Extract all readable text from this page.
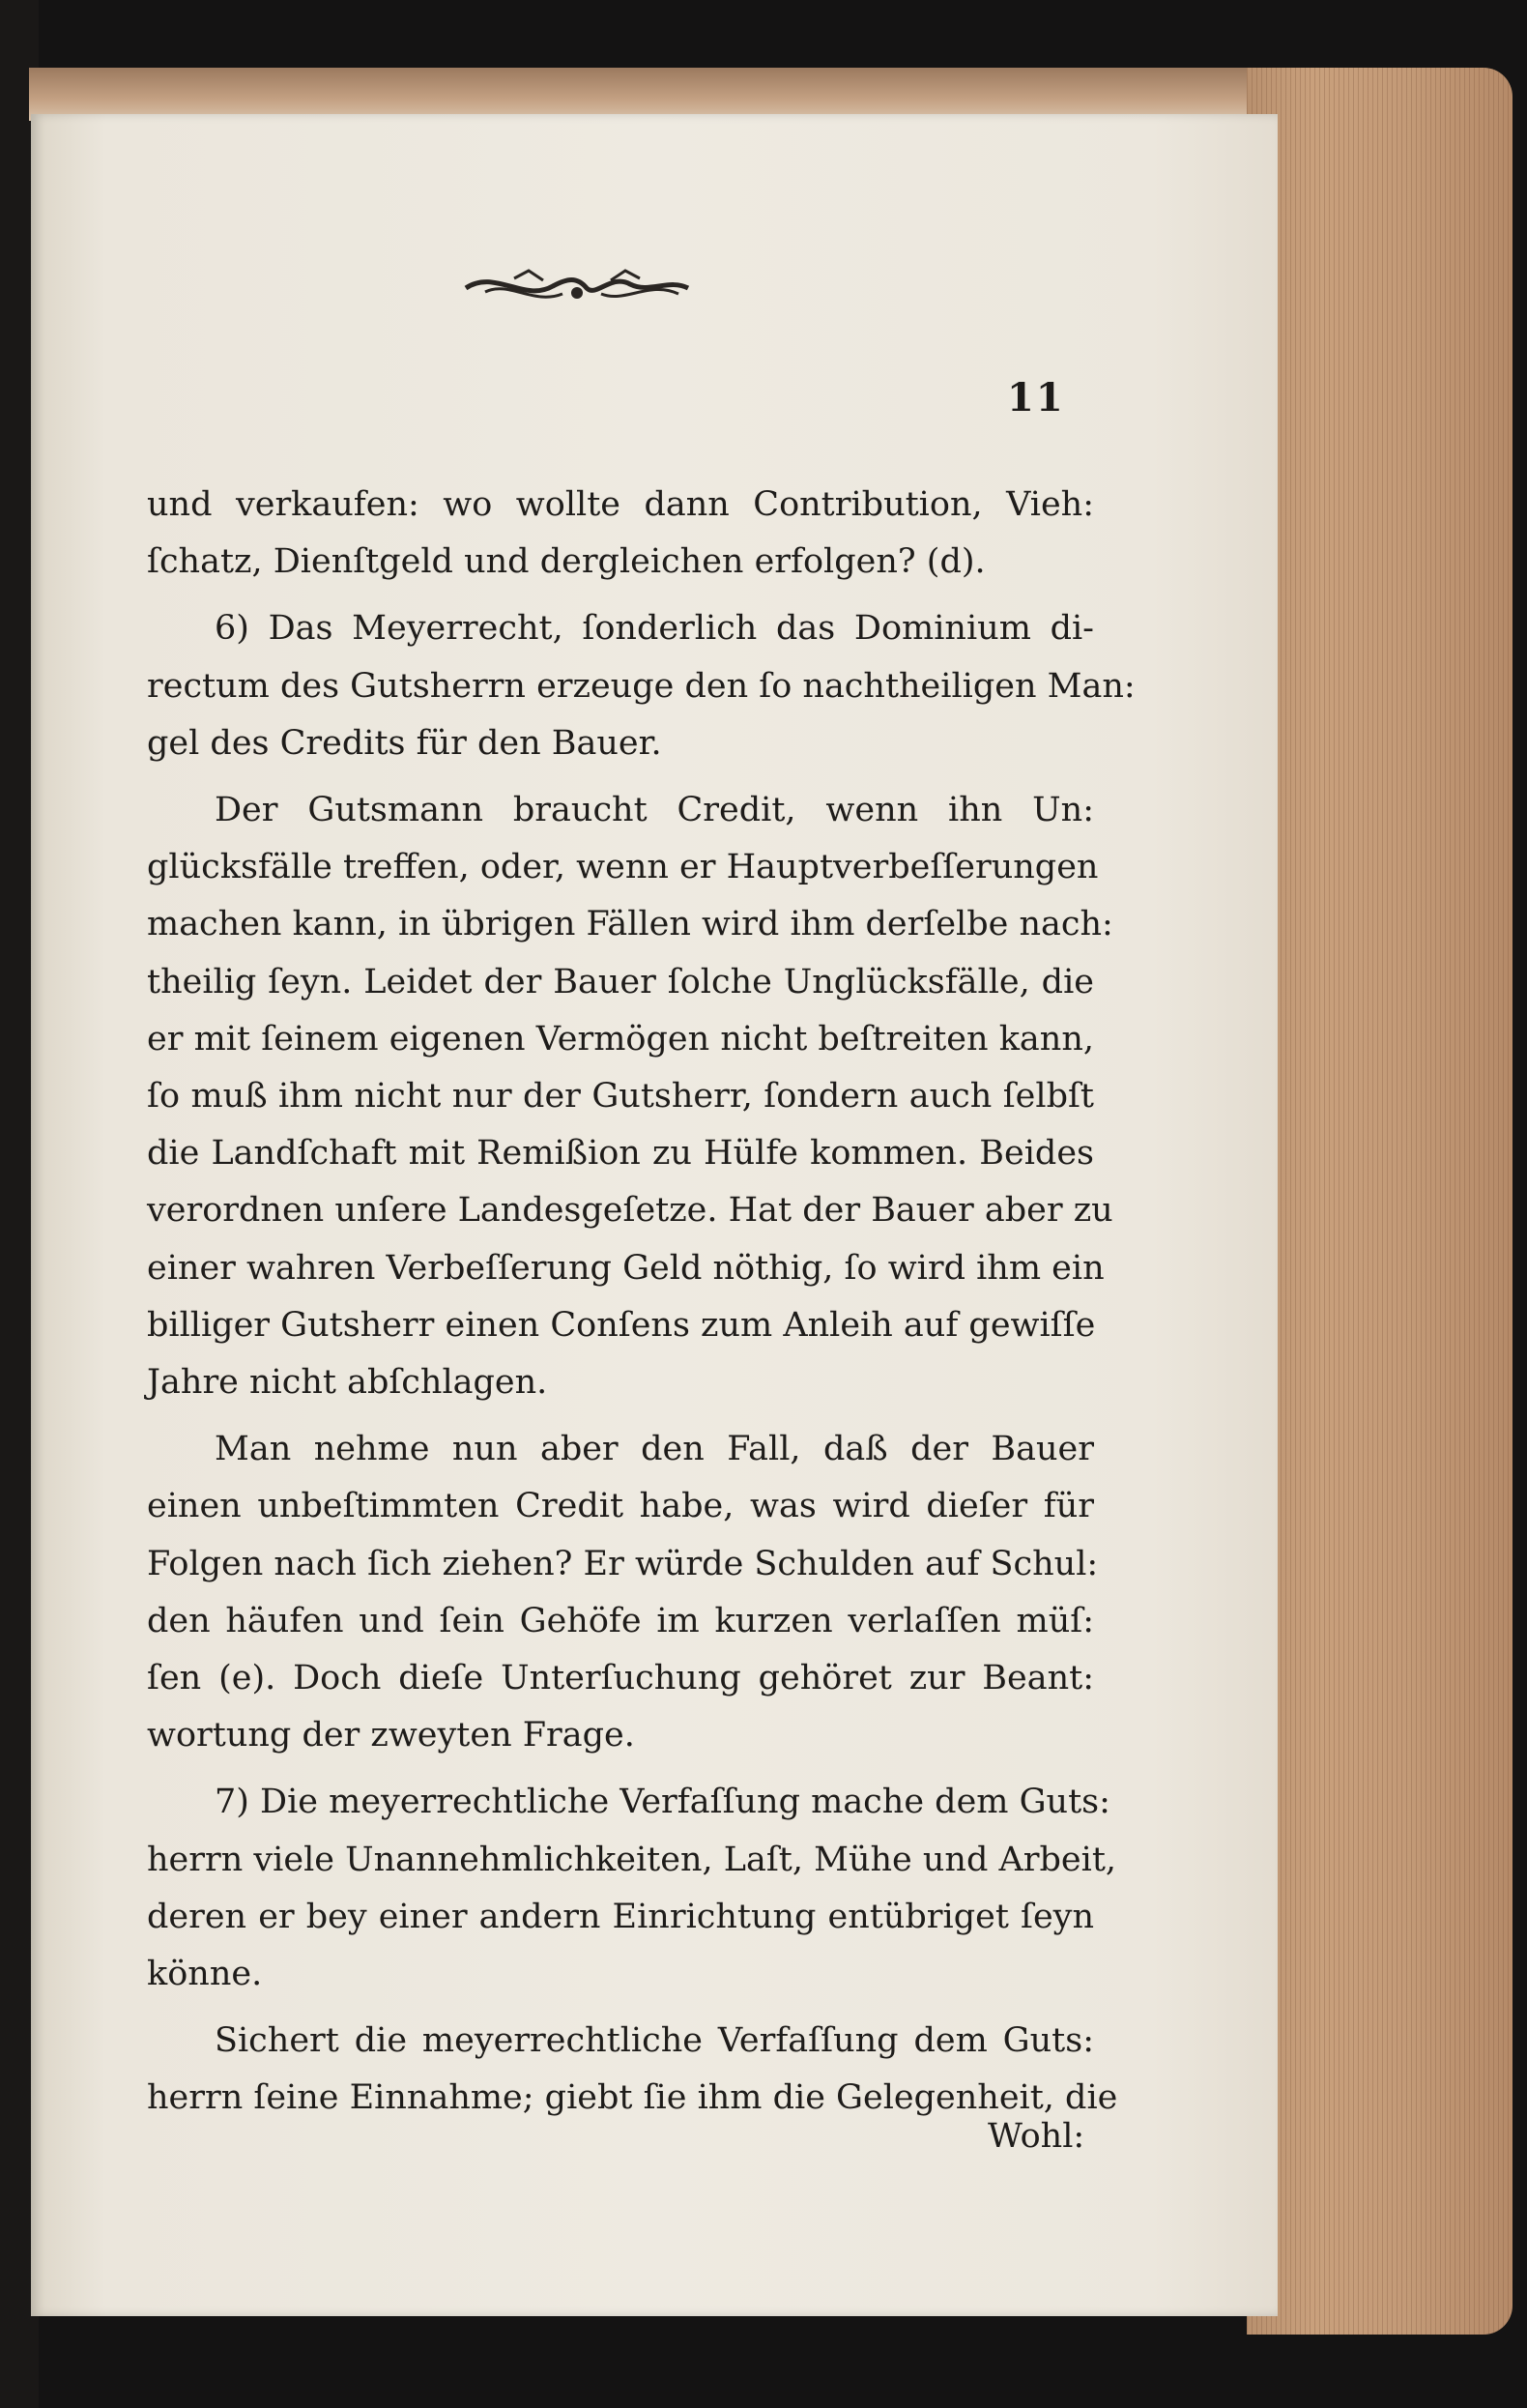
11
und verkaufen: wo wollte dann Contribution, Vieh:
ſchatz, Dienſtgeld und dergleichen erfolgen? (d).
6) Das Meyerrecht, ſonderlich das Dominium di-
rectum des Gutsherrn erzeuge den ſo nachtheiligen Man:
gel des Credits für den Bauer.
Der Gutsmann braucht Credit, wenn ihn Un:
glücksfälle treffen, oder, wenn er Hauptverbeſſerungen
machen kann, in übrigen Fällen wird ihm derſelbe nach:
theilig ſeyn. Leidet der Bauer ſolche Unglücksfälle, die
er mit ſeinem eigenen Vermögen nicht beſtreiten kann,
ſo muß ihm nicht nur der Gutsherr, ſondern auch ſelbſt
die Landſchaft mit Remißion zu Hülfe kommen. Beides
verordnen unſere Landesgeſetze. Hat der Bauer aber zu
einer wahren Verbeſſerung Geld nöthig, ſo wird ihm ein
billiger Gutsherr einen Conſens zum Anleih auf gewiſſe
Jahre nicht abſchlagen.
Man nehme nun aber den Fall, daß der Bauer
einen unbeſtimmten Credit habe, was wird dieſer für
Folgen nach ſich ziehen? Er würde Schulden auf Schul:
den häufen und ſein Gehöfe im kurzen verlaſſen müſ:
ſen (e). Doch dieſe Unterſuchung gehöret zur Beant:
wortung der zweyten Frage.
7) Die meyerrechtliche Verfaſſung mache dem Guts:
herrn viele Unannehmlichkeiten, Laſt, Mühe und Arbeit,
deren er bey einer andern Einrichtung entübriget ſeyn
könne.
Sichert die meyerrechtliche Verfaſſung dem Guts:
herrn ſeine Einnahme; giebt ſie ihm die Gelegenheit, die
Wohl:
